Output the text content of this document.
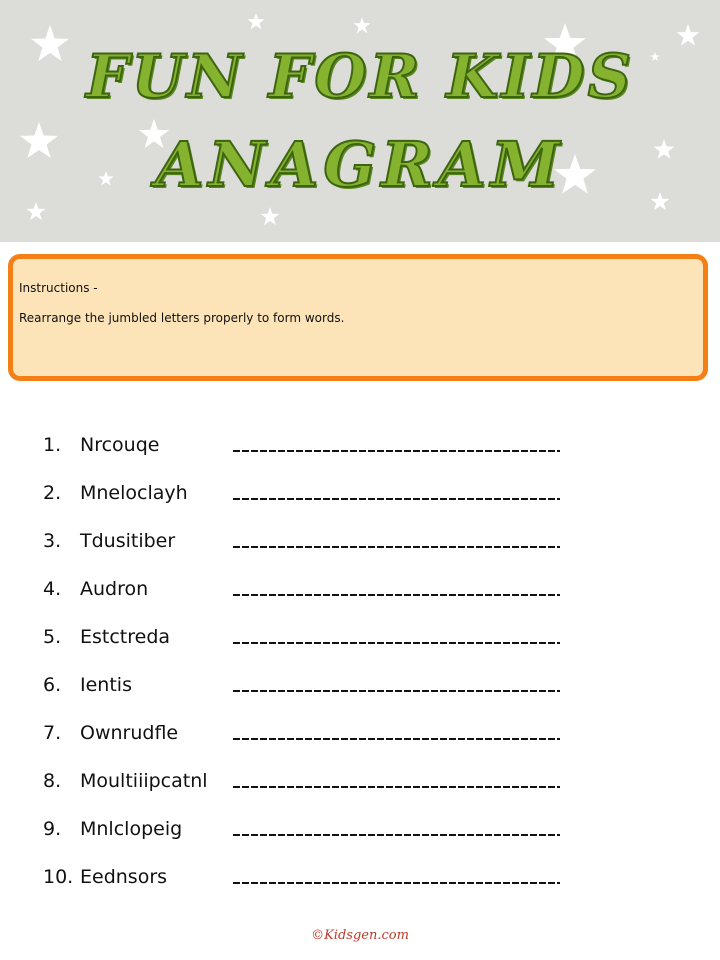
FUN FOR KIDS
ANAGRAM
Instructions -
Rearrange the jumbled letters properly to form words.
1. Nrcouqe
2. Mneloclayh
3. Tdusitiber
4. Audron
5. Estctreda
6. Ientis
7. Ownrudfle
8. Moultiiipcatnl
9. Mnlclopeig
10. Eednsors
©Kidsgen.com
